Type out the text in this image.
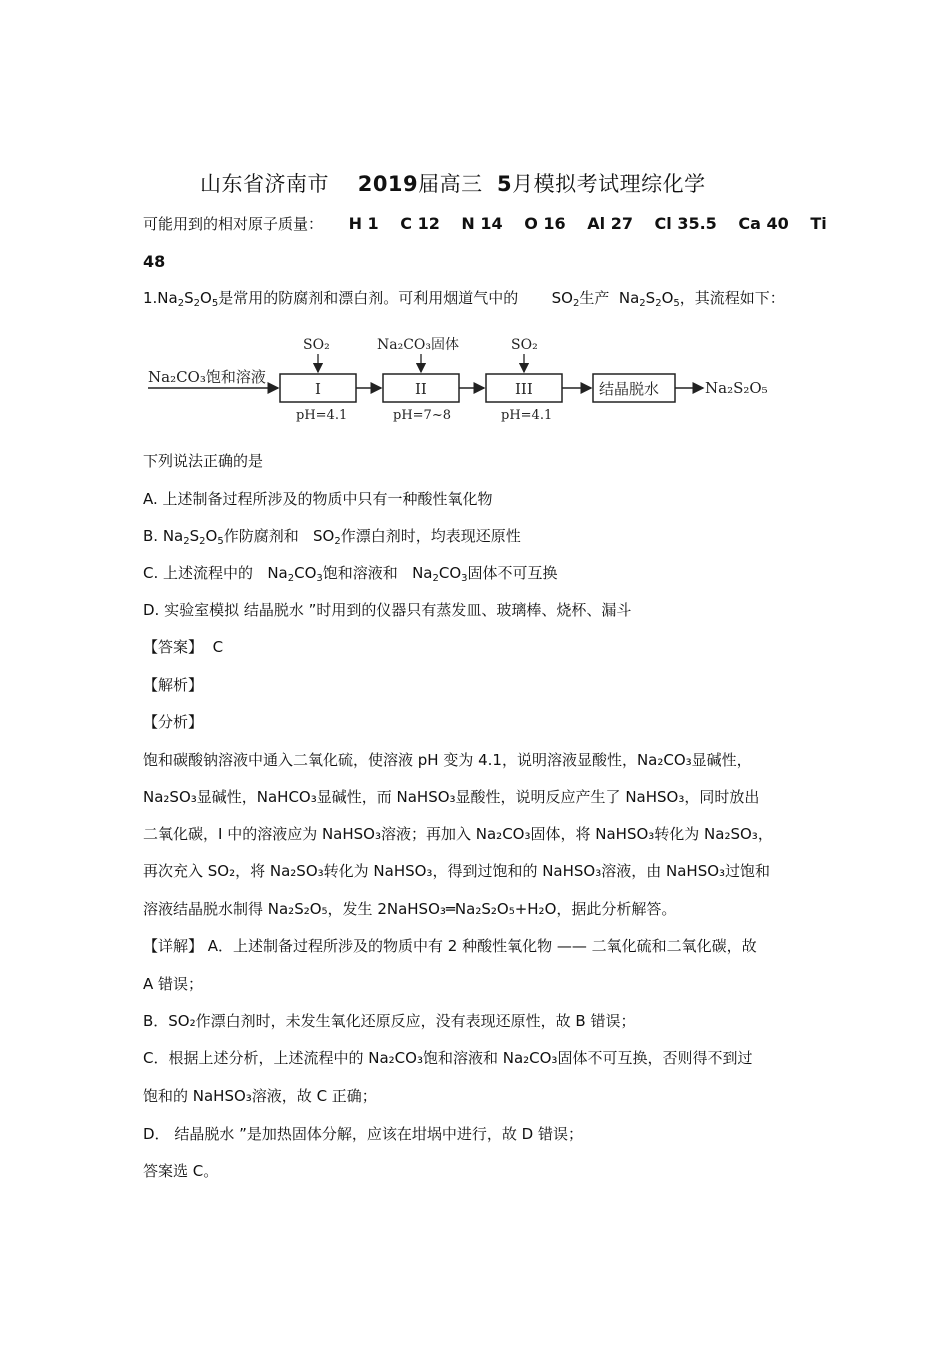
山东省济南市 2019届高三 5月模拟考试理综化学
可能用到的相对原子质量： H 1 C 12 N 14 O 16 Al 27 Cl 35.5 Ca 40 Ti
48
$1.Na_2S_2O_5$是常用的防腐剂和漂白剂。可利用烟道气中的       $SO_2$生产  $Na_2S_2O_5$，其流程如下：
Na₂CO₃饱和溶液
I
SO₂
pH=4.1
II
Na₂CO₃固体
pH=7~8
III
SO₂
pH=4.1
结晶脱水	Na₂S₂O₅
下列说法正确的是
A. 上述制备过程所涉及的物质中只有一种酸性氧化物
B. $Na_2S_2O_5$作防腐剂和   $SO_2$作漂白剂时，均表现还原性
C. 上述流程中的   $Na_2CO_3$饱和溶液和   $Na_2CO_3$固体不可互换
D. 实验室模拟 结晶脱水 ”时用到的仪器只有蒸发皿、玻璃棒、烧杯、漏斗
【答案】 C
【解析】
【分析】
饱和碳酸钠溶液中通入二氧化硫，使溶液 pH 变为 4.1，说明溶液显酸性，Na₂CO₃显碱性，
Na₂SO₃显碱性，NaHCO₃显碱性，而 NaHSO₃显酸性，说明反应产生了 NaHSO₃，同时放出
二氧化碳，I 中的溶液应为 NaHSO₃溶液；再加入 Na₂CO₃固体，将 NaHSO₃转化为 Na₂SO₃，
再次充入 SO₂，将 Na₂SO₃转化为 NaHSO₃，得到过饱和的 NaHSO₃溶液，由 NaHSO₃过饱和
溶液结晶脱水制得 Na₂S₂O₅，发生 2NaHSO₃═Na₂S₂O₅+H₂O，据此分析解答。
【详解】 A．上述制备过程所涉及的物质中有 2 种酸性氧化物 —— 二氧化硫和二氧化碳，故
A 错误；
B．SO₂作漂白剂时，未发生氧化还原反应，没有表现还原性，故 B 错误；
C．根据上述分析，上述流程中的 Na₂CO₃饱和溶液和 Na₂CO₃固体不可互换，否则得不到过
饱和的 NaHSO₃溶液，故 C 正确；
D． 结晶脱水 ”是加热固体分解，应该在坩埚中进行，故 D 错误；
答案选 C。
